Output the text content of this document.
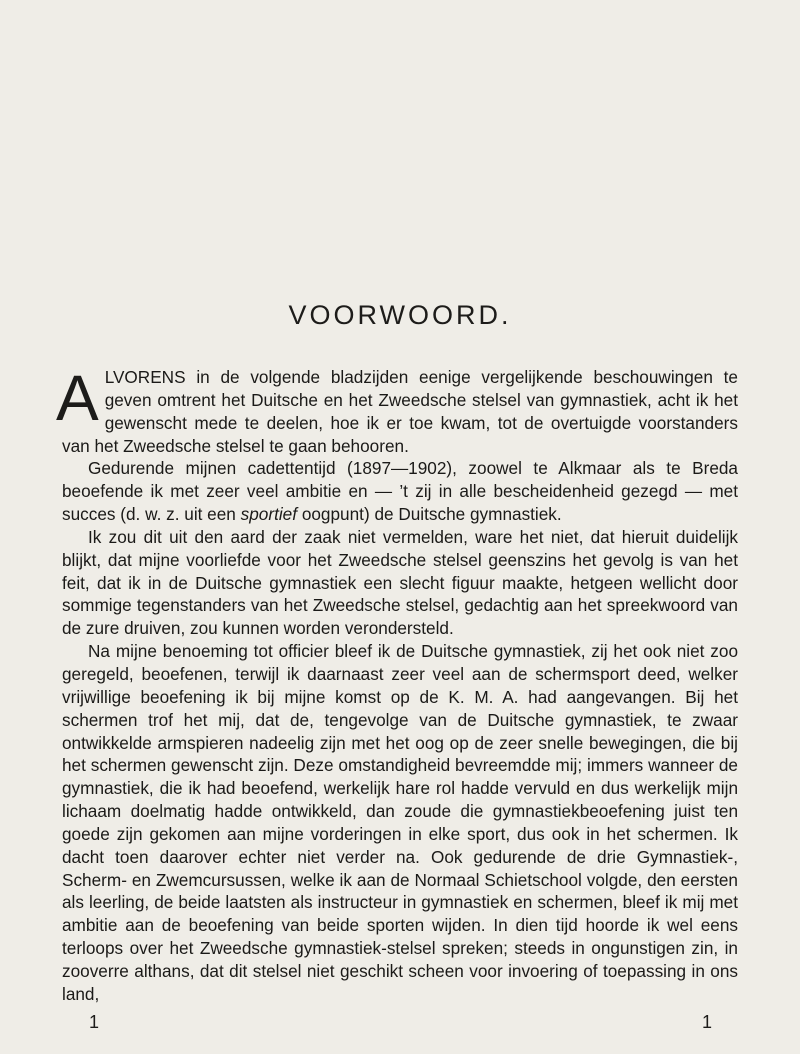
VOORWOORD.

ALVORENS in de volgende bladzijden eenige vergelijkende beschouwingen te geven omtrent het Duitsche en het Zweedsche stelsel van gymnastiek, acht ik het gewenscht mede te deelen, hoe ik er toe kwam, tot de overtuigde voorstanders van het Zweedsche stelsel te gaan behooren.

Gedurende mijnen cadettentijd (1897—1902), zoowel te Alkmaar als te Breda beoefende ik met zeer veel ambitie en — ’t zij in alle bescheidenheid gezegd — met succes (d. w. z. uit een sportief oogpunt) de Duitsche gymnastiek.

Ik zou dit uit den aard der zaak niet vermelden, ware het niet, dat hieruit duidelijk blijkt, dat mijne voorliefde voor het Zweedsche stelsel geenszins het gevolg is van het feit, dat ik in de Duitsche gymnastiek een slecht figuur maakte, hetgeen wellicht door sommige tegenstanders van het Zweedsche stelsel, gedachtig aan het spreekwoord van de zure druiven, zou kunnen worden verondersteld.

Na mijne benoeming tot officier bleef ik de Duitsche gymnastiek, zij het ook niet zoo geregeld, beoefenen, terwijl ik daarnaast zeer veel aan de schermsport deed, welker vrijwillige beoefening ik bij mijne komst op de K. M. A. had aangevangen. Bij het schermen trof het mij, dat de, tengevolge van de Duitsche gymnastiek, te zwaar ontwikkelde armspieren nadeelig zijn met het oog op de zeer snelle bewegingen, die bij het schermen gewenscht zijn. Deze omstandigheid bevreemdde mij; immers wanneer de gymnastiek, die ik had beoefend, werkelijk hare rol hadde vervuld en dus werkelijk mijn lichaam doelmatig hadde ontwikkeld, dan zoude die gymnastiekbeoefening juist ten goede zijn gekomen aan mijne vorderingen in elke sport, dus ook in het schermen. Ik dacht toen daarover echter niet verder na. Ook gedurende de drie Gymnastiek-, Scherm- en Zwemcursussen, welke ik aan de Normaal Schietschool volgde, den eersten als leerling, de beide laatsten als instructeur in gymnastiek en schermen, bleef ik mij met ambitie aan de beoefening van beide sporten wijden. In dien tijd hoorde ik wel eens terloops over het Zweedsche gymnastiek-stelsel spreken; steeds in ongunstigen zin, in zooverre althans, dat dit stelsel niet geschikt scheen voor invoering of toepassing in ons land,

1	1
